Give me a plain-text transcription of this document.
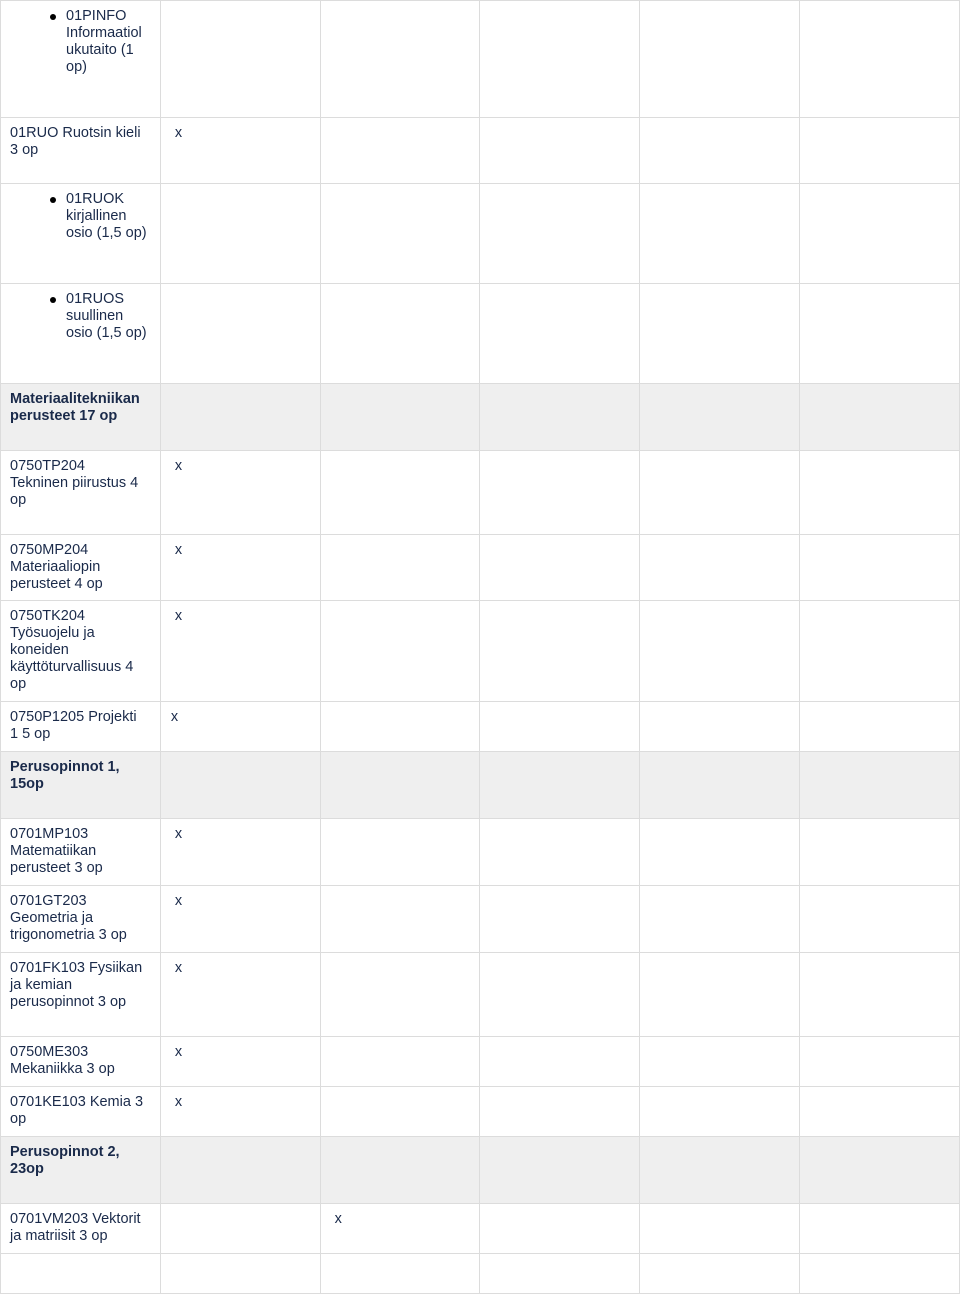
01PINFO
Informaatiol
ukutaito (1
op)					

01RUO Ruotsin kieli
3 op	x				

01RUOK
kirjallinen
osio (1,5 op)					

01RUOS
suullinen
osio (1,5 op)					

Materiaalitekniikan
perusteet 17 op					

0750TP204
Tekninen piirustus 4
op	x				

0750MP204
Materiaaliopin
perusteet 4 op	x				

0750TK204
Työsuojelu ja
koneiden
käyttöturvallisuus 4
op	x				

0750P1205 Projekti
1 5 op	x				

Perusopinnot 1,
15op					

0701MP103
Matematiikan
perusteet 3 op	x				

0701GT203
Geometria ja
trigonometria 3 op	x				

0701FK103 Fysiikan
ja kemian
perusopinnot 3 op	x				

0750ME303
Mekaniikka 3 op	x				

0701KE103 Kemia 3
op	x				

Perusopinnot 2,
23op					

0701VM203 Vektorit
ja matriisit 3 op		x			
